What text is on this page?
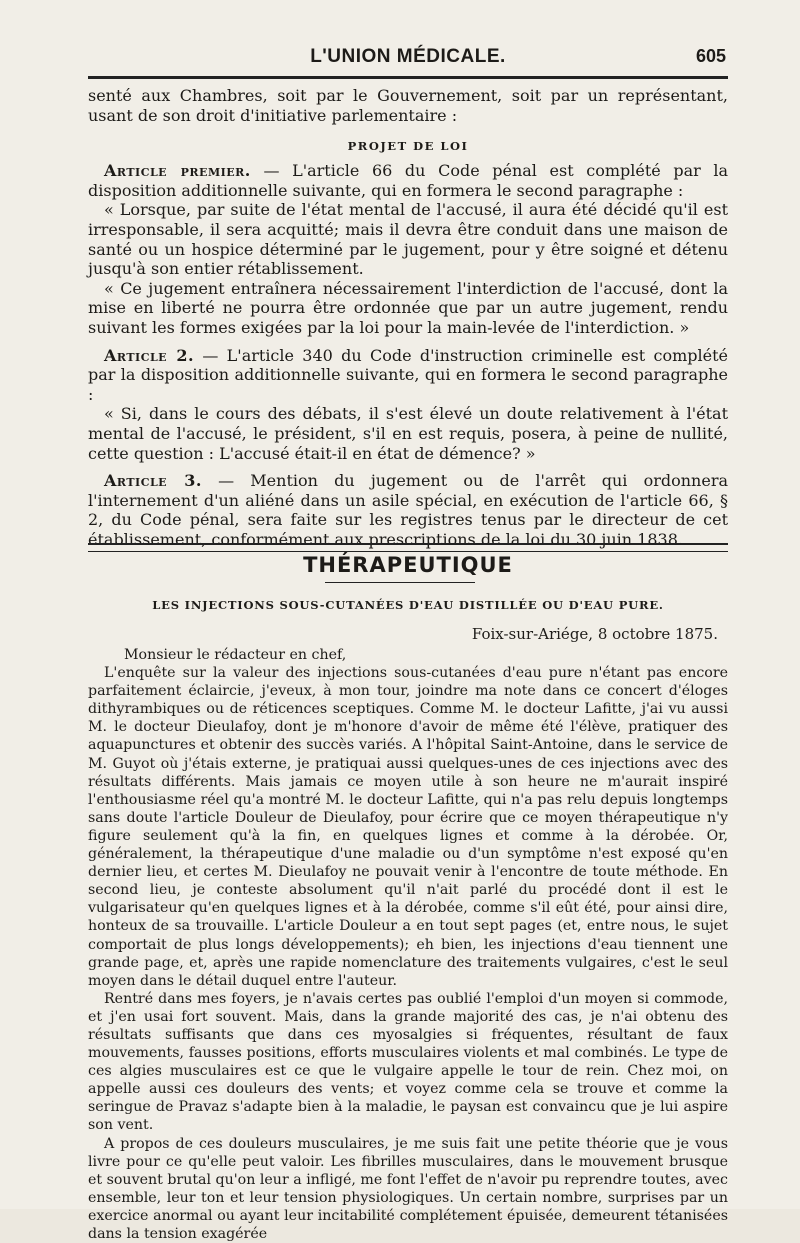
L'UNION MÉDICALE.	605

senté aux Chambres, soit par le Gouvernement, soit par un représentant, usant de son droit d'initiative parlementaire :

PROJET DE LOI

Article premier. — L'article 66 du Code pénal est complété par la disposition additionnelle suivante, qui en formera le second paragraphe :

« Lorsque, par suite de l'état mental de l'accusé, il aura été décidé qu'il est irresponsable, il sera acquitté; mais il devra être conduit dans une maison de santé ou un hospice déterminé par le jugement, pour y être soigné et détenu jusqu'à son entier rétablissement.

« Ce jugement entraînera nécessairement l'interdiction de l'accusé, dont la mise en liberté ne pourra être ordonnée que par un autre jugement, rendu suivant les formes exigées par la loi pour la main-levée de l'interdiction. »

Article 2. — L'article 340 du Code d'instruction criminelle est complété par la disposition additionnelle suivante, qui en formera le second paragraphe :

« Si, dans le cours des débats, il s'est élevé un doute relativement à l'état mental de l'accusé, le président, s'il en est requis, posera, à peine de nullité, cette question : L'accusé était-il en état de démence? »

Article 3. — Mention du jugement ou de l'arrêt qui ordonnera l'internement d'un aliéné dans un asile spécial, en exécution de l'article 66, § 2, du Code pénal, sera faite sur les registres tenus par le directeur de cet établissement, conformément aux prescriptions de la loi du 30 juin 1838.

THÉRAPEUTIQUE
LES INJECTIONS SOUS-CUTANÉES D'EAU DISTILLÉE OU D'EAU PURE.
Foix-sur-Ariége, 8 octobre 1875.

Monsieur le rédacteur en chef,

L'enquête sur la valeur des injections sous-cutanées d'eau pure n'étant pas encore parfaitement éclaircie, j'eveux, à mon tour, joindre ma note dans ce concert d'éloges dithyrambiques ou de réticences sceptiques. Comme M. le docteur Lafitte, j'ai vu aussi M. le docteur Dieulafoy, dont je m'honore d'avoir de même été l'élève, pratiquer des aquapunctures et obtenir des succès variés. A l'hôpital Saint-Antoine, dans le service de M. Guyot où j'étais externe, je pratiquai aussi quelques-unes de ces injections avec des résultats différents. Mais jamais ce moyen utile à son heure ne m'aurait inspiré l'enthousiasme réel qu'a montré M. le docteur Lafitte, qui n'a pas relu depuis longtemps sans doute l'article Douleur de Dieulafoy, pour écrire que ce moyen thérapeutique n'y figure seulement qu'à la fin, en quelques lignes et comme à la dérobée. Or, généralement, la thérapeutique d'une maladie ou d'un symptôme n'est exposé qu'en dernier lieu, et certes M. Dieulafoy ne pouvait venir à l'encontre de toute méthode. En second lieu, je conteste absolument qu'il n'ait parlé du procédé dont il est le vulgarisateur qu'en quelques lignes et à la dérobée, comme s'il eût été, pour ainsi dire, honteux de sa trouvaille. L'article Douleur a en tout sept pages (et, entre nous, le sujet comportait de plus longs développements); eh bien, les injections d'eau tiennent une grande page, et, après une rapide nomenclature des traitements vulgaires, c'est le seul moyen dans le détail duquel entre l'auteur.

Rentré dans mes foyers, je n'avais certes pas oublié l'emploi d'un moyen si commode, et j'en usai fort souvent. Mais, dans la grande majorité des cas, je n'ai obtenu des résultats suffisants que dans ces myosalgies si fréquentes, résultant de faux mouvements, fausses positions, efforts musculaires violents et mal combinés. Le type de ces algies musculaires est ce que le vulgaire appelle le tour de rein. Chez moi, on appelle aussi ces douleurs des vents; et voyez comme cela se trouve et comme la seringue de Pravaz s'adapte bien à la maladie, le paysan est convaincu que je lui aspire son vent.

A propos de ces douleurs musculaires, je me suis fait une petite théorie que je vous livre pour ce qu'elle peut valoir. Les fibrilles musculaires, dans le mouvement brusque et souvent brutal qu'on leur a infligé, me font l'effet de n'avoir pu reprendre toutes, avec ensemble, leur ton et leur tension physiologiques. Un certain nombre, surprises par un exercice anormal ou ayant leur incitabilité complétement épuisée, demeurent tétanisées dans la tension exagérée
